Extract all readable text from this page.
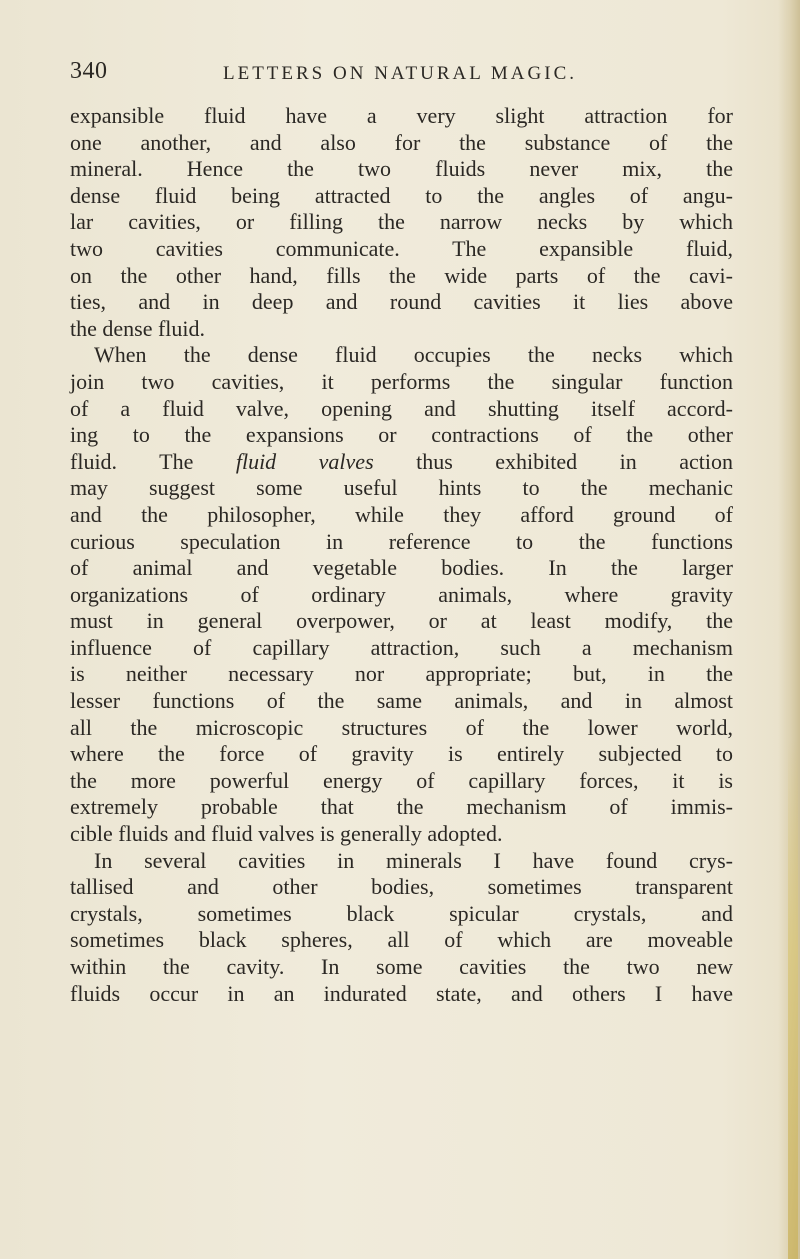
340	LETTERS ON NATURAL MAGIC.
expansible fluid have a very slight attraction for
one another, and also for the substance of the
mineral. Hence the two fluids never mix, the
dense fluid being attracted to the angles of angu-
lar cavities, or filling the narrow necks by which
two cavities communicate. The expansible fluid,
on the other hand, fills the wide parts of the cavi-
ties, and in deep and round cavities it lies above
the dense fluid.
When the dense fluid occupies the necks which
join two cavities, it performs the singular function
of a fluid valve, opening and shutting itself accord-
ing to the expansions or contractions of the other
fluid. The fluid valves thus exhibited in action
may suggest some useful hints to the mechanic
and the philosopher, while they afford ground of
curious speculation in reference to the functions
of animal and vegetable bodies. In the larger
organizations of ordinary animals, where gravity
must in general overpower, or at least modify, the
influence of capillary attraction, such a mechanism
is neither necessary nor appropriate; but, in the
lesser functions of the same animals, and in almost
all the microscopic structures of the lower world,
where the force of gravity is entirely subjected to
the more powerful energy of capillary forces, it is
extremely probable that the mechanism of immis-
cible fluids and fluid valves is generally adopted.
In several cavities in minerals I have found crys-
tallised and other bodies, sometimes transparent
crystals, sometimes black spicular crystals, and
sometimes black spheres, all of which are moveable
within the cavity. In some cavities the two new
fluids occur in an indurated state, and others I have
